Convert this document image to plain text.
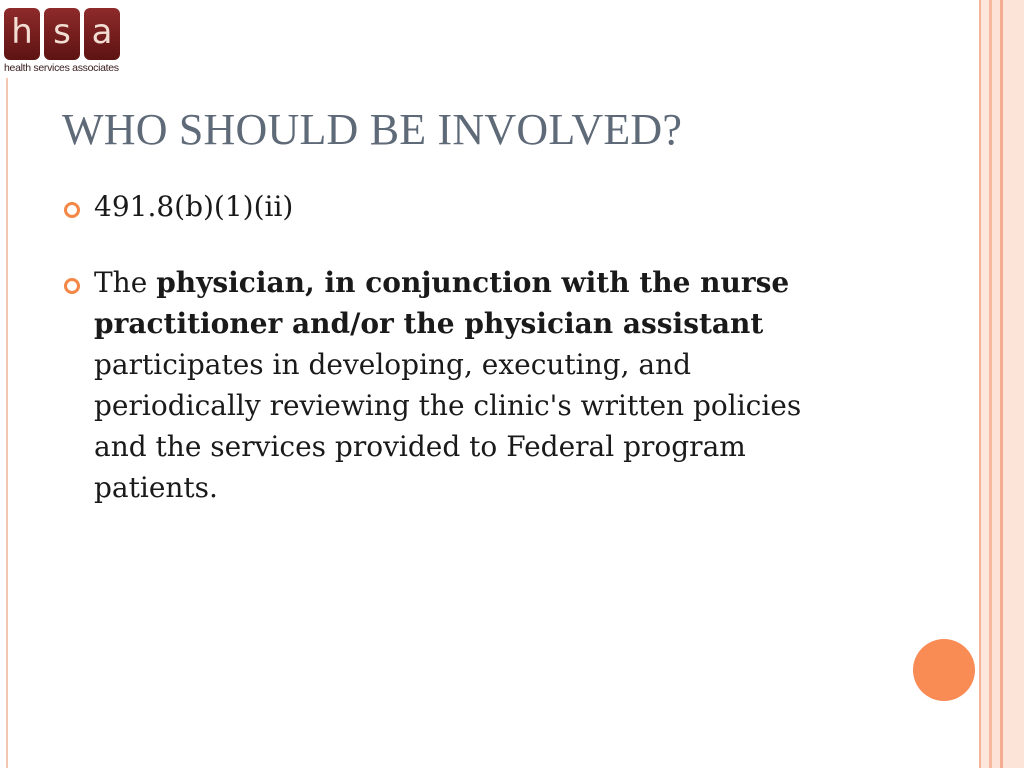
h s a
health services associates
WHO SHOULD BE INVOLVED?
491.8(b)(1)(ii)
The physician, in conjunction with the nurse practitioner and/or the physician assistant participates in developing, executing, and periodically reviewing the clinic's written policies and the services provided to Federal program patients.
